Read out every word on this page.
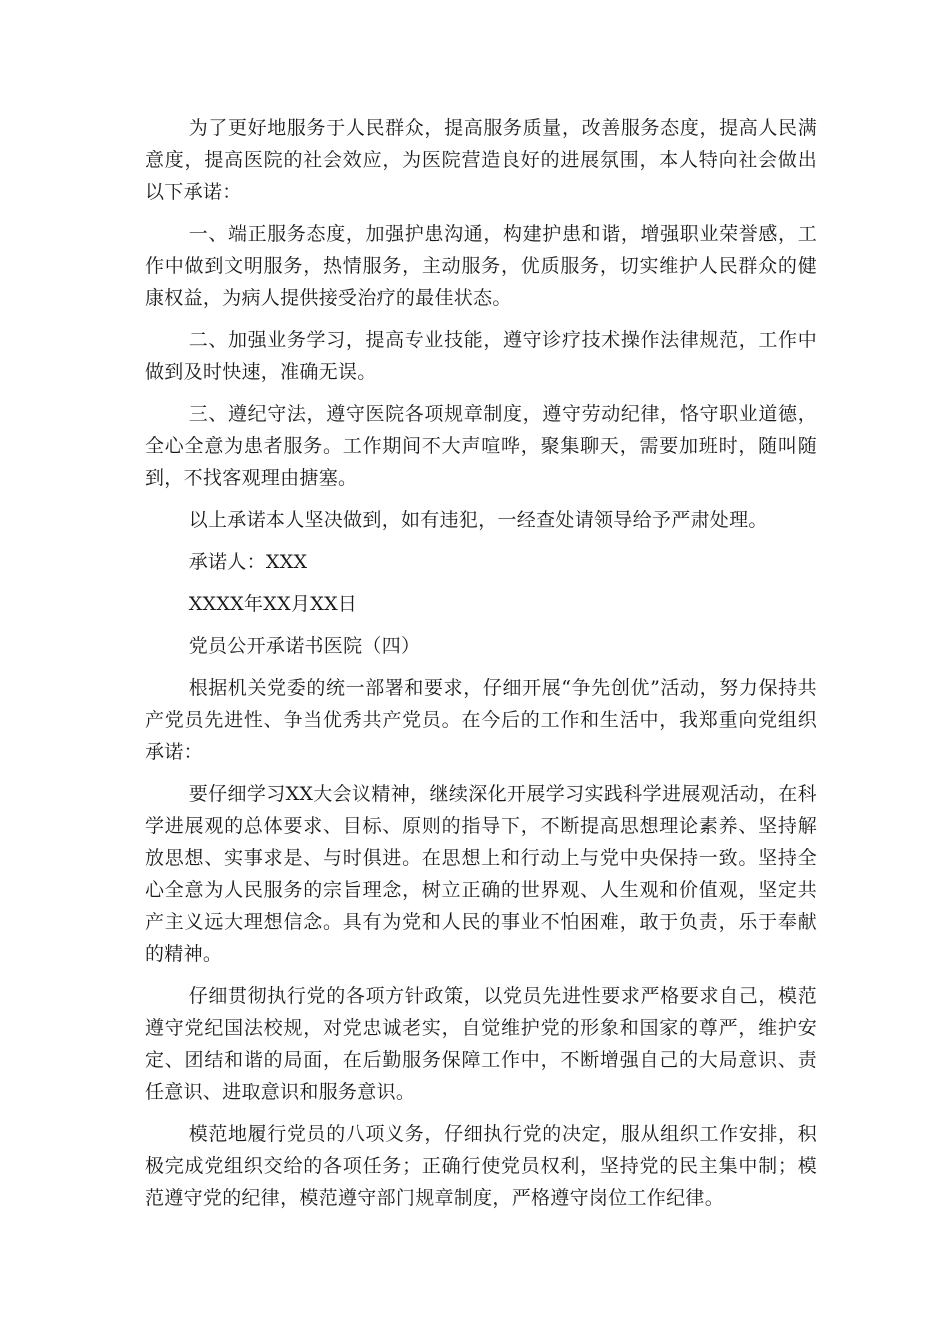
为了更好地服务于人民群众，提高服务质量，改善服务态度，提高人民满意度，提高医院的社会效应，为医院营造良好的进展氛围，本人特向社会做出以下承诺：

一、端正服务态度，加强护患沟通，构建护患和谐，增强职业荣誉感，工作中做到文明服务，热情服务，主动服务，优质服务，切实维护人民群众的健康权益，为病人提供接受治疗的最佳状态。

二、加强业务学习，提高专业技能，遵守诊疗技术操作法律规范，工作中做到及时快速，准确无误。

三、遵纪守法，遵守医院各项规章制度，遵守劳动纪律，恪守职业道德，全心全意为患者服务。工作期间不大声喧哗，聚集聊天，需要加班时，随叫随到，不找客观理由搪塞。

以上承诺本人坚决做到，如有违犯，一经查处请领导给予严肃处理。

承诺人：XXX

XXXX年XX月XX日

党员公开承诺书医院（四）

根据机关党委的统一部署和要求，仔细开展“争先创优”活动，努力保持共产党员先进性、争当优秀共产党员。在今后的工作和生活中，我郑重向党组织承诺：

要仔细学习XX大会议精神，继续深化开展学习实践科学进展观活动，在科学进展观的总体要求、目标、原则的指导下，不断提高思想理论素养、坚持解放思想、实事求是、与时俱进。在思想上和行动上与党中央保持一致。坚持全心全意为人民服务的宗旨理念，树立正确的世界观、人生观和价值观，坚定共产主义远大理想信念。具有为党和人民的事业不怕困难，敢于负责，乐于奉献的精神。

仔细贯彻执行党的各项方针政策，以党员先进性要求严格要求自己，模范遵守党纪国法校规，对党忠诚老实，自觉维护党的形象和国家的尊严，维护安定、团结和谐的局面，在后勤服务保障工作中，不断增强自己的大局意识、责任意识、进取意识和服务意识。

模范地履行党员的八项义务，仔细执行党的决定，服从组织工作安排，积极完成党组织交给的各项任务；正确行使党员权利，坚持党的民主集中制；模范遵守党的纪律，模范遵守部门规章制度，严格遵守岗位工作纪律。
